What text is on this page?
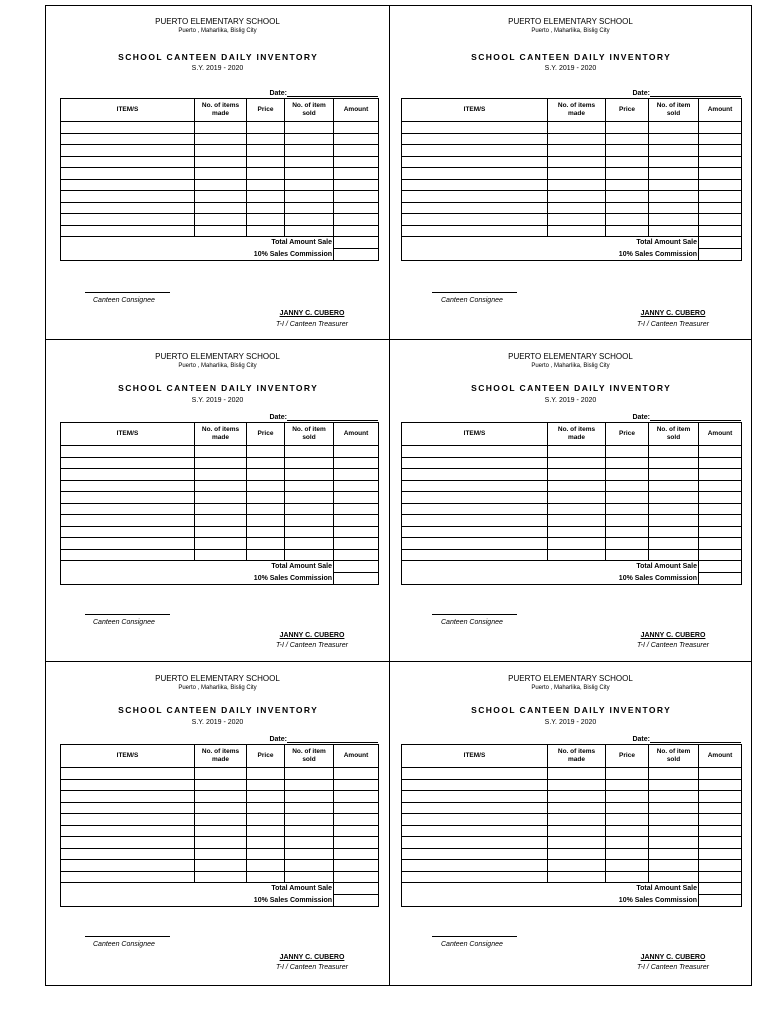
PUERTO ELEMENTARY SCHOOL
Puerto , Maharlika, Bislig City
SCHOOL CANTEEN DAILY INVENTORY
S.Y. 2019 - 2020
Date:
ITEM/S	No. of items made	Price	No. of item sold	Amount

Total Amount Sale				
10% Sales Commission				
Canteen Consignee
JANNY C. CUBERO
T-I / Canteen Treasurer
PUERTO ELEMENTARY SCHOOL
Puerto , Maharlika, Bislig City
SCHOOL CANTEEN DAILY INVENTORY
S.Y. 2019 - 2020
Date:
ITEM/S	No. of items made	Price	No. of item sold	Amount

Total Amount Sale				
10% Sales Commission				
Canteen Consignee
JANNY C. CUBERO
T-I / Canteen Treasurer
PUERTO ELEMENTARY SCHOOL
Puerto , Maharlika, Bislig City
SCHOOL CANTEEN DAILY INVENTORY
S.Y. 2019 - 2020
Date:
ITEM/S	No. of items made	Price	No. of item sold	Amount

Total Amount Sale				
10% Sales Commission				
Canteen Consignee
JANNY C. CUBERO
T-I / Canteen Treasurer
PUERTO ELEMENTARY SCHOOL
Puerto , Maharlika, Bislig City
SCHOOL CANTEEN DAILY INVENTORY
S.Y. 2019 - 2020
Date:
ITEM/S	No. of items made	Price	No. of item sold	Amount

Total Amount Sale				
10% Sales Commission				
Canteen Consignee
JANNY C. CUBERO
T-I / Canteen Treasurer
PUERTO ELEMENTARY SCHOOL
Puerto , Maharlika, Bislig City
SCHOOL CANTEEN DAILY INVENTORY
S.Y. 2019 - 2020
Date:
ITEM/S	No. of items made	Price	No. of item sold	Amount

Total Amount Sale				
10% Sales Commission				
Canteen Consignee
JANNY C. CUBERO
T-I / Canteen Treasurer
PUERTO ELEMENTARY SCHOOL
Puerto , Maharlika, Bislig City
SCHOOL CANTEEN DAILY INVENTORY
S.Y. 2019 - 2020
Date:
ITEM/S	No. of items made	Price	No. of item sold	Amount

Total Amount Sale				
10% Sales Commission				
Canteen Consignee
JANNY C. CUBERO
T-I / Canteen Treasurer
